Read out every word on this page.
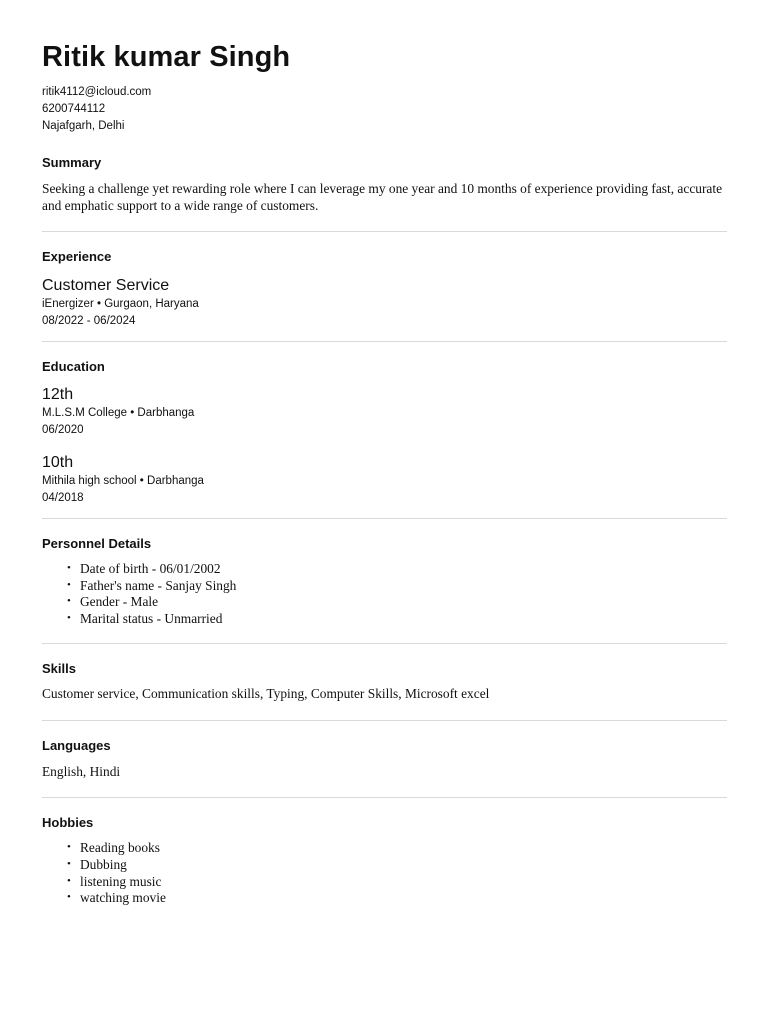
Ritik kumar Singh
ritik4112@icloud.com
6200744112
Najafgarh, Delhi
Summary
Seeking a challenge yet rewarding role where I can leverage my one year and 10 months of experience providing fast, accurate and emphatic support to a wide range of customers.
Experience
Customer Service
iEnergizer • Gurgaon, Haryana
08/2022 - 06/2024
Education
12th
M.L.S.M College • Darbhanga
06/2020
10th
Mithila high school • Darbhanga
04/2018
Personnel Details
• Date of birth - 06/01/2002
• Father's name - Sanjay Singh
• Gender - Male
• Marital status - Unmarried
Skills
Customer service, Communication skills, Typing, Computer Skills, Microsoft excel
Languages
English, Hindi
Hobbies
• Reading books
• Dubbing
• listening music
• watching movie
